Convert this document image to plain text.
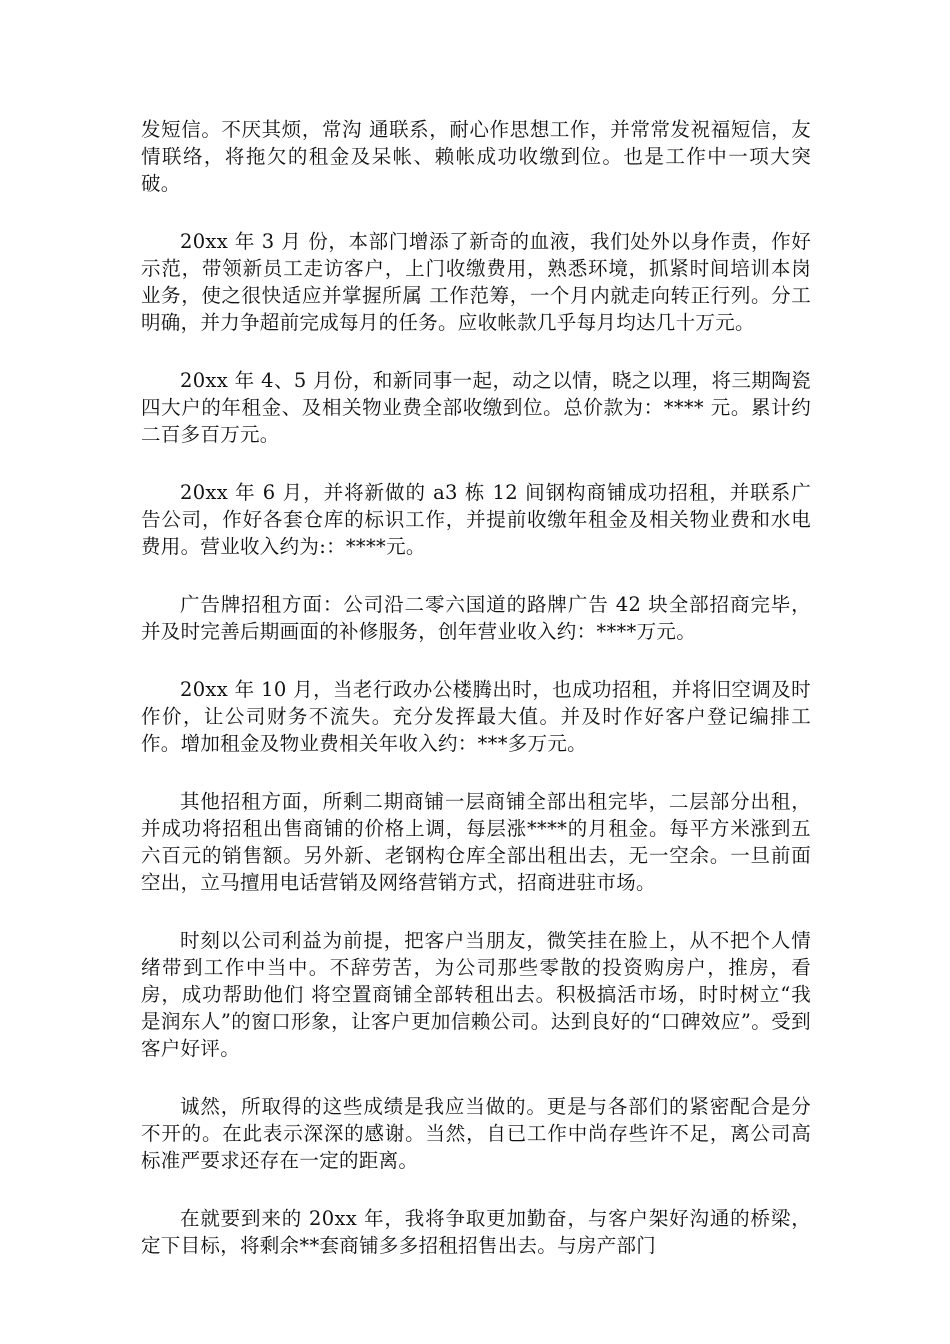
发短信。不厌其烦，常沟 通联系，耐心作思想工作，并常常发祝福短信，友情联络，将拖欠的租金及呆帐、赖帐成功收缴到位。也是工作中一项大突破。

20xx 年 3 月 份，本部门增添了新奇的血液，我们处外以身作责，作好示范，带领新员工走访客户，上门收缴费用，熟悉环境，抓紧时间培训本岗业务，使之很快适应并掌握所属 工作范筹，一个月内就走向转正行列。分工明确，并力争超前完成每月的任务。应收帐款几乎每月均达几十万元。

20xx 年 4、5 月份，和新同事一起，动之以情，晓之以理，将三期陶瓷四大户的年租金、及相关物业费全部收缴到位。总价款为：**** 元。累计约二百多百万元。

20xx 年 6 月，并将新做的 a3 栋 12 间钢构商铺成功招租，并联系广告公司，作好各套仓库的标识工作，并提前收缴年租金及相关物业费和水电费用。营业收入约为:：****元。

广告牌招租方面：公司沿二零六国道的路牌广告 42 块全部招商完毕，并及时完善后期画面的补修服务，创年营业收入约：****万元。

20xx 年 10 月，当老行政办公楼腾出时，也成功招租，并将旧空调及时作价，让公司财务不流失。充分发挥最大值。并及时作好客户登记编排工作。增加租金及物业费相关年收入约：***多万元。

其他招租方面，所剩二期商铺一层商铺全部出租完毕，二层部分出租，并成功将招租出售商铺的价格上调，每层涨****的月租金。每平方米涨到五六百元的销售额。另外新、老钢构仓库全部出租出去，无一空余。一旦前面空出，立马擅用电话营销及网络营销方式，招商进驻市场。

时刻以公司利益为前提，把客户当朋友，微笑挂在脸上，从不把个人情绪带到工作中当中。不辞劳苦，为公司那些零散的投资购房户，推房，看房，成功帮助他们 将空置商铺全部转租出去。积极搞活市场，时时树立“我是润东人”的窗口形象，让客户更加信赖公司。达到良好的“口碑效应”。受到客户好评。

诚然，所取得的这些成绩是我应当做的。更是与各部们的紧密配合是分不开的。在此表示深深的感谢。当然，自已工作中尚存些许不足，离公司高标准严要求还存在一定的距离。

在就要到来的 20xx 年，我将争取更加勤奋，与客户架好沟通的桥梁，定下目标，将剩余**套商铺多多招租招售出去。与房产部门
